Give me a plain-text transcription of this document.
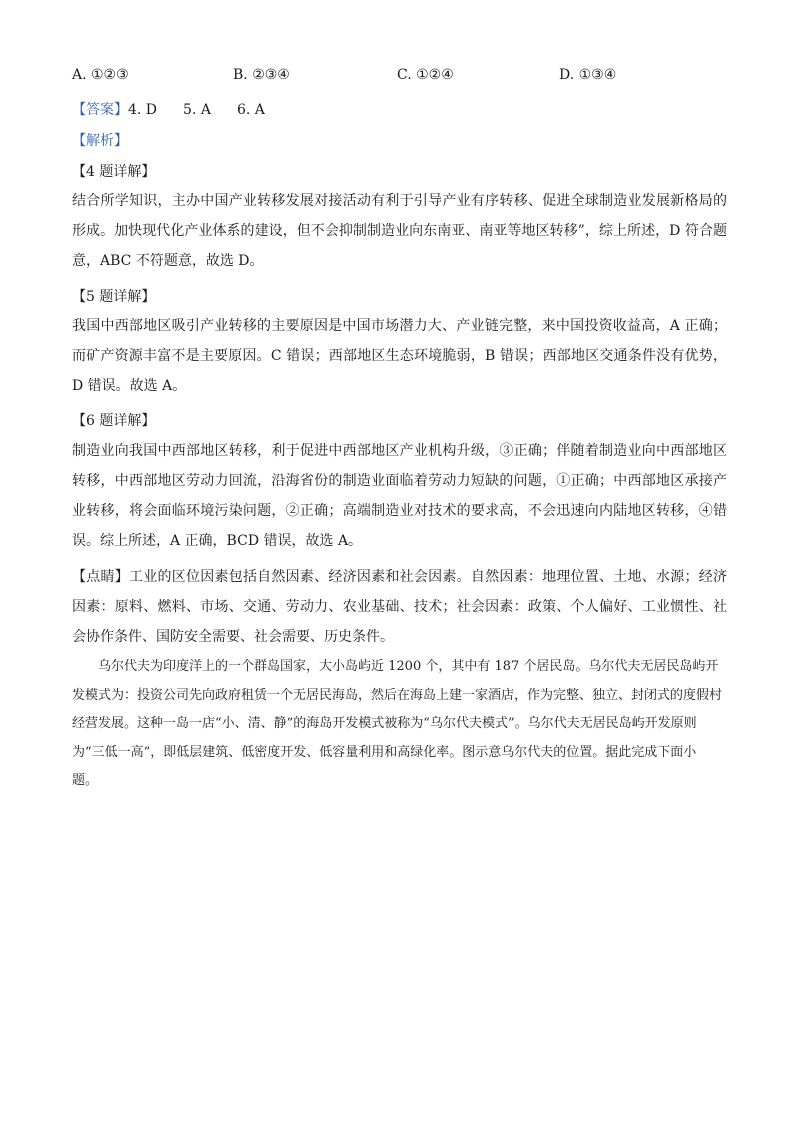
A. ①②③	B. ②③④	C. ①②④	D. ①③④
【答案】4. D 5. A 6. A
【解析】
【4 题详解】
结合所学知识，主办中国产业转移发展对接活动有利于引导产业有序转移、促进全球制造业发展新格局的形成。加快现代化产业体系的建设，但不会抑制制造业向东南亚、南亚等地区转移”，综上所述，D 符合题意，ABC 不符题意，故选 D。
【5 题详解】
我国中西部地区吸引产业转移的主要原因是中国市场潜力大、产业链完整，来中国投资收益高，A 正确；而矿产资源丰富不是主要原因。C 错误；西部地区生态环境脆弱，B 错误；西部地区交通条件没有优势，D 错误。故选 A。
【6 题详解】
制造业向我国中西部地区转移，利于促进中西部地区产业机构升级，③正确；伴随着制造业向中西部地区转移，中西部地区劳动力回流，沿海省份的制造业面临着劳动力短缺的问题，①正确；中西部地区承接产业转移，将会面临环境污染问题，②正确；高端制造业对技术的要求高，不会迅速向内陆地区转移，④错误。综上所述，A 正确，BCD 错误，故选 A。
【点睛】工业的区位因素包括自然因素、经济因素和社会因素。自然因素：地理位置、土地、水源；经济因素：原料、燃料、市场、交通、劳动力、农业基础、技术；社会因素：政策、个人偏好、工业惯性、社会协作条件、国防安全需要、社会需要、历史条件。
乌尔代夫为印度洋上的一个群岛国家，大小岛屿近 1200 个，其中有 187 个居民岛。乌尔代夫无居民岛屿开发模式为：投资公司先向政府租赁一个无居民海岛，然后在海岛上建一家酒店，作为完整、独立、封闭式的度假村经营发展。这种一岛一店“小、清、静”的海岛开发模式被称为“乌尔代夫模式”。乌尔代夫无居民岛屿开发原则为“三低一高”，即低层建筑、低密度开发、低容量利用和高绿化率。图示意乌尔代夫的位置。据此完成下面小题。
